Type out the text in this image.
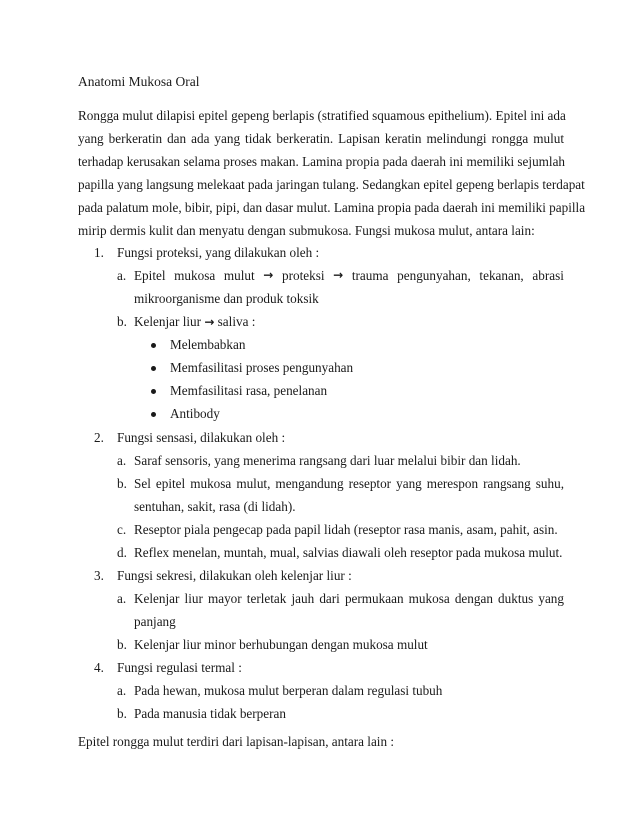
Anatomi Mukosa Oral
Rongga mulut dilapisi epitel gepeng berlapis (stratified squamous epithelium). Epitel ini ada
yang berkeratin dan ada yang tidak berkeratin. Lapisan keratin melindungi rongga mulut
terhadap kerusakan selama proses makan. Lamina propia pada daerah ini memiliki sejumlah
papilla yang langsung melekaat pada jaringan tulang. Sedangkan epitel gepeng berlapis terdapat
pada palatum mole, bibir, pipi, dan dasar mulut. Lamina propia pada daerah ini memiliki papilla
mirip dermis kulit dan menyatu dengan submukosa. Fungsi mukosa mulut, antara lain:
1. Fungsi proteksi, yang dilakukan oleh :
a. Epitel mukosa mulut → proteksi → trauma pengunyahan, tekanan, abrasi
mikroorganisme dan produk toksik
b. Kelenjar liur → saliva :
Melembabkan
Memfasilitasi proses pengunyahan
Memfasilitasi rasa, penelanan
Antibody
2. Fungsi sensasi, dilakukan oleh :
a. Saraf sensoris, yang menerima rangsang dari luar melalui bibir dan lidah.
b. Sel epitel mukosa mulut, mengandung reseptor yang merespon rangsang suhu,
sentuhan, sakit, rasa (di lidah).
c. Reseptor piala pengecap pada papil lidah (reseptor rasa manis, asam, pahit, asin.
d. Reflex menelan, muntah, mual, salvias diawali oleh reseptor pada mukosa mulut.
3. Fungsi sekresi, dilakukan oleh kelenjar liur :
a. Kelenjar liur mayor terletak jauh dari permukaan mukosa dengan duktus yang
panjang
b. Kelenjar liur minor berhubungan dengan mukosa mulut
4. Fungsi regulasi termal :
a. Pada hewan, mukosa mulut berperan dalam regulasi tubuh
b. Pada manusia tidak berperan
Epitel rongga mulut terdiri dari lapisan-lapisan, antara lain :
